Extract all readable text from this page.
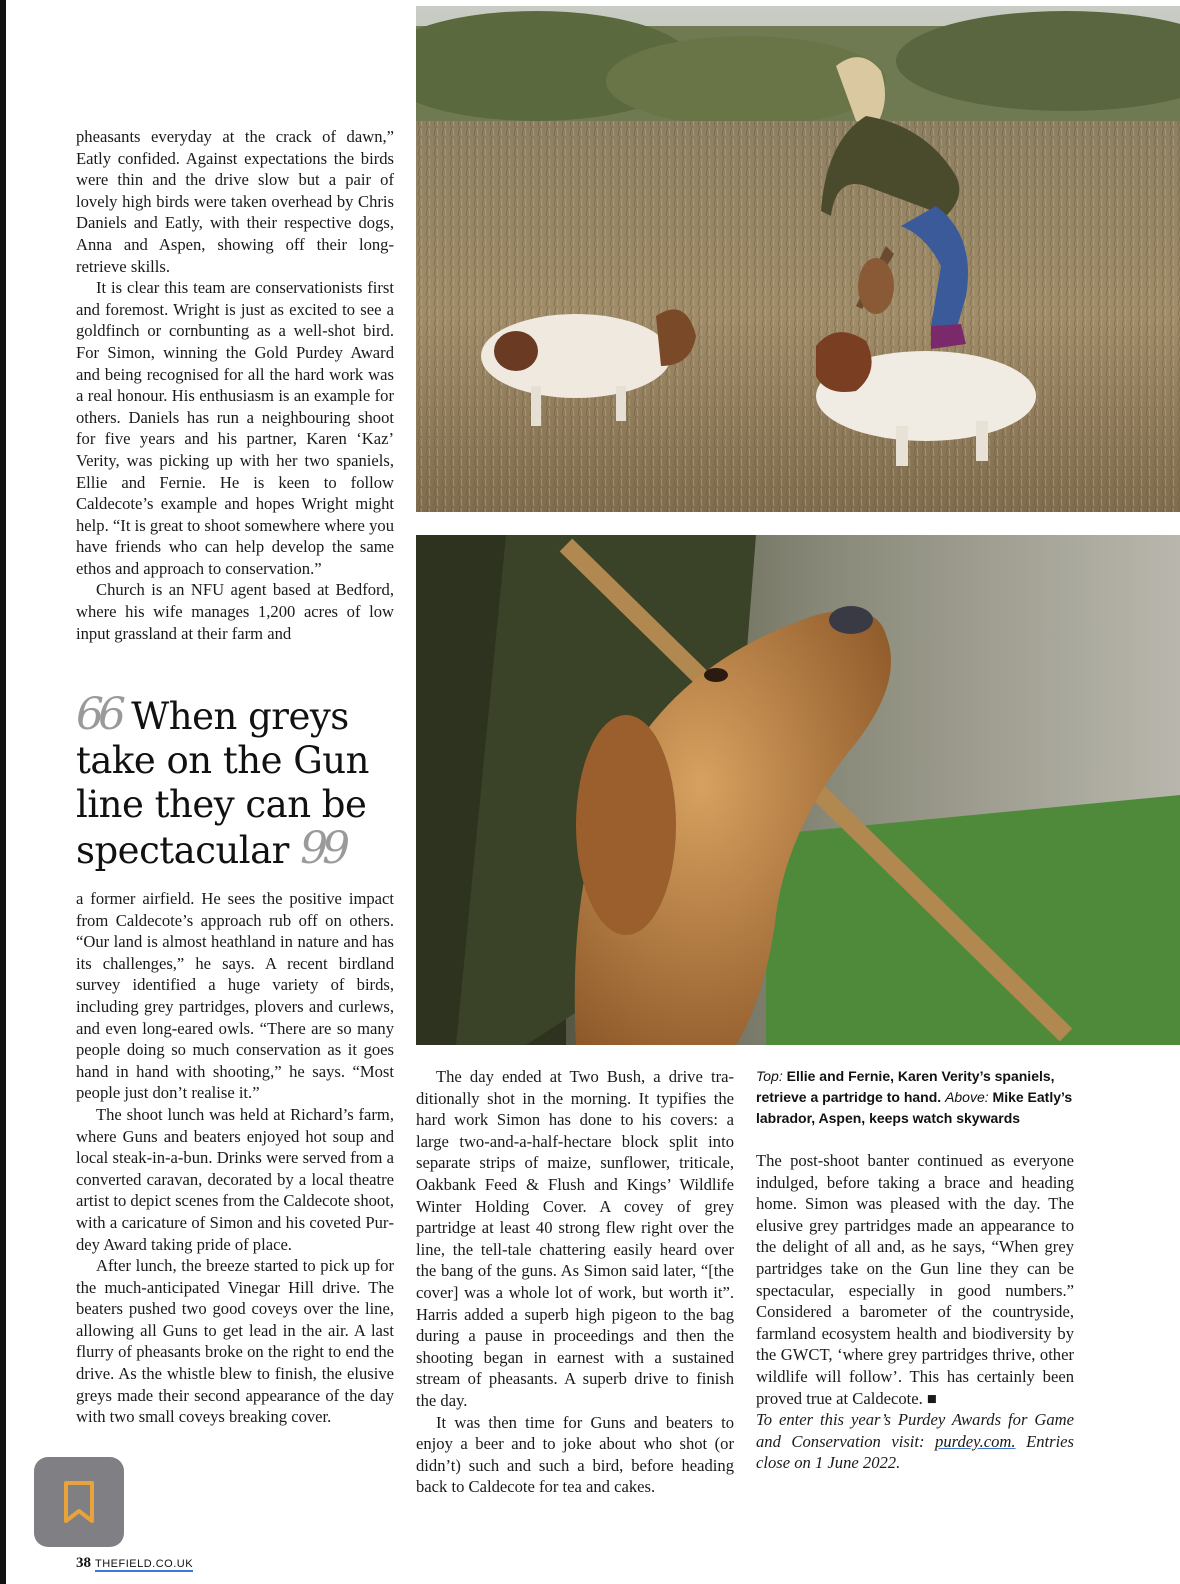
pheasants everyday at the crack of dawn,” Eatly confided. Against expectations the birds were thin and the drive slow but a pair of lovely high birds were taken overhead by Chris Daniels and Eatly, with their respective dogs, Anna and Aspen, showing off their long-retrieve skills.

It is clear this team are conservationists first and foremost. Wright is just as excited to see a goldfinch or cornbunting as a well-shot bird. For Simon, winning the Gold Purdey Award and being recognised for all the hard work was a real honour. His enthusiasm is an example for others. Daniels has run a neighbouring shoot for five years and his partner, Karen ‘Kaz’ Verity, was picking up with her two spaniels, Ellie and Fernie. He is keen to follow Caldecote’s example and hopes Wright might help. “It is great to shoot somewhere where you have friends who can help develop the same ethos and approach to conservation.”

Church is an NFU agent based at Bedford, where his wife manages 1,200 acres of low input grassland at their farm and

66 When greys take on the Gun line they can be spectacular 99

a former airfield. He sees the positive impact from Caldecote’s approach rub off on others. “Our land is almost heathland in nature and has its challenges,” he says. A recent birdland survey identified a huge variety of birds, including grey partridges, plovers and curlews, and even long-eared owls. “There are so many people doing so much conservation as it goes hand in hand with shooting,” he says. “Most people just don’t realise it.”

The shoot lunch was held at Richard’s farm, where Guns and beaters enjoyed hot soup and local steak-in-a-bun. Drinks were served from a converted caravan, decorated by a local theatre artist to depict scenes from the Caldecote shoot, with a caricature of Simon and his coveted Purdey Award taking pride of place.

After lunch, the breeze started to pick up for the much-anticipated Vinegar Hill drive. The beaters pushed two good coveys over the line, allowing all Guns to get lead in the air. A last flurry of pheasants broke on the right to end the drive. As the whistle blew to finish, the elusive greys made their second appearance of the day with two small coveys breaking cover.

The day ended at Two Bush, a drive traditionally shot in the morning. It typifies the hard work Simon has done to his covers: a large two-and-a-half-hectare block split into separate strips of maize, sunflower, triticale, Oakbank Feed & Flush and Kings’ Wildlife Winter Holding Cover. A covey of grey partridge at least 40 strong flew right over the line, the tell-tale chattering easily heard over the bang of the guns. As Simon said later, “[the cover] was a whole lot of work, but worth it”. Harris added a superb high pigeon to the bag during a pause in proceedings and then the shooting began in earnest with a sustained stream of pheasants. A superb drive to finish the day.

It was then time for Guns and beaters to enjoy a beer and to joke about who shot (or didn’t) such and such a bird, before heading back to Caldecote for tea and cakes.

Top: Ellie and Fernie, Karen Verity’s spaniels, retrieve a partridge to hand. Above: Mike Eatly’s labrador, Aspen, keeps watch skywards

The post-shoot banter continued as everyone indulged, before taking a brace and heading home. Simon was pleased with the day. The elusive grey partridges made an appearance to the delight of all and, as he says, “When grey partridges take on the Gun line they can be spectacular, especially in good numbers.” Considered a barometer of the countryside, farmland ecosystem health and biodiversity by the GWCT, ‘where grey partridges thrive, other wildlife will follow’. This has certainly been proved true at Caldecote. ■

To enter this year’s Purdey Awards for Game and Conservation visit: purdey.com. Entries close on 1 June 2022.

38 THEFIELD.CO.UK
